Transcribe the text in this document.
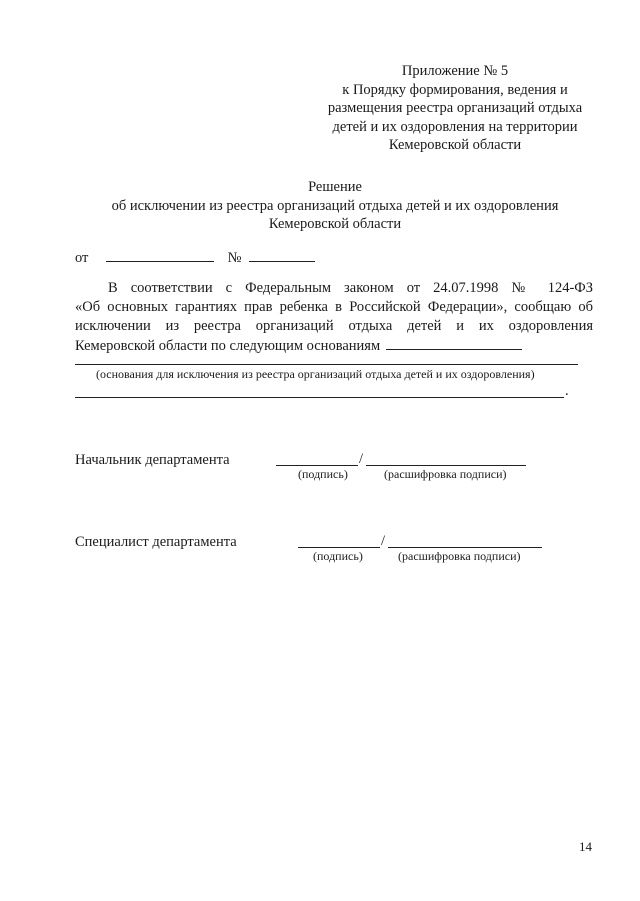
Приложение № 5
к Порядку формирования, ведения и
размещения реестра организаций отдыха
детей и их оздоровления на территории
Кемеровской области
Решение
об исключении из реестра организаций отдыха детей и их оздоровления
Кемеровской области
от	№
В соответствии с Федеральным законом от 24.07.1998 № 124-ФЗ
«Об основных гарантиях прав ребенка в Российской Федерации», сообщаю об
исключении из реестра организаций отдыха детей и их оздоровления
Кемеровской области по следующим основаниям
(основания для исключения из реестра организаций отдыха детей и их оздоровления)
.
Начальник департамента	/
(подпись)	(расшифровка подписи)
Специалист департамента	/
(подпись)	(расшифровка подписи)
14
